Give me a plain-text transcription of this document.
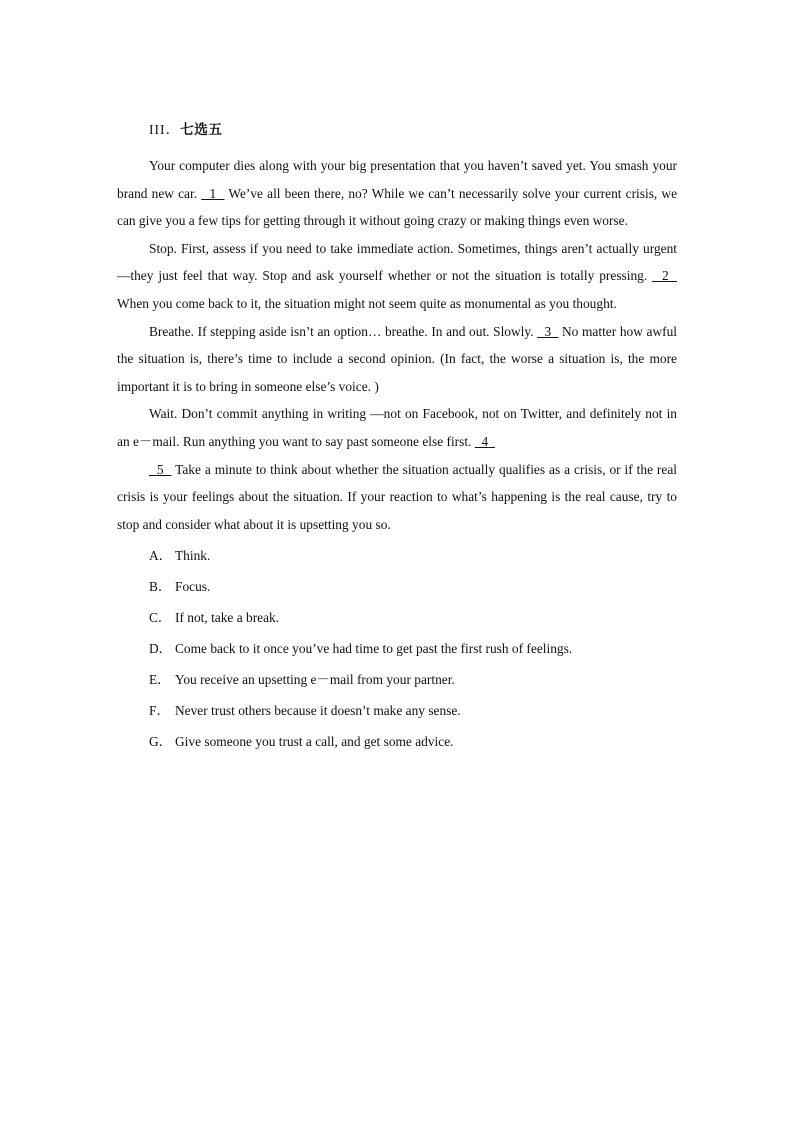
III．七选五

Your computer dies along with your big presentation that you haven’t saved yet. You smash your brand new car.   1   We’ve all been there, no? While we can’t necessarily solve your current crisis, we can give you a few tips for getting through it without going crazy or making things even worse.

Stop. First, assess if you need to take immediate action. Sometimes, things aren’t actually urgent —they just feel that way. Stop and ask yourself whether or not the situation is totally pressing.   2   When you come back to it, the situation might not seem quite as monumental as you thought.

Breathe. If stepping aside isn’t an option… breathe. In and out. Slowly.   3   No matter how awful the situation is, there’s time to include a second opinion. (In fact, the worse a situation is, the more important it is to bring in someone else’s voice. )

Wait. Don’t commit anything in writing —not on Facebook, not on Twitter, and definitely not in an e－mail. Run anything you want to say past someone else first.   4

5   Take a minute to think about whether the situation actually qualifies as a crisis, or if the real crisis is your feelings about the situation. If your reaction to what’s happening is the real cause, try to stop and consider what about it is upsetting you so.

A． Think.
B． Focus.
C． If not, take a break.
D． Come back to it once you’ve had time to get past the first rush of feelings.
E． You receive an upsetting e－mail from your partner.
F． Never trust others because it doesn’t make any sense.
G． Give someone you trust a call, and get some advice.
